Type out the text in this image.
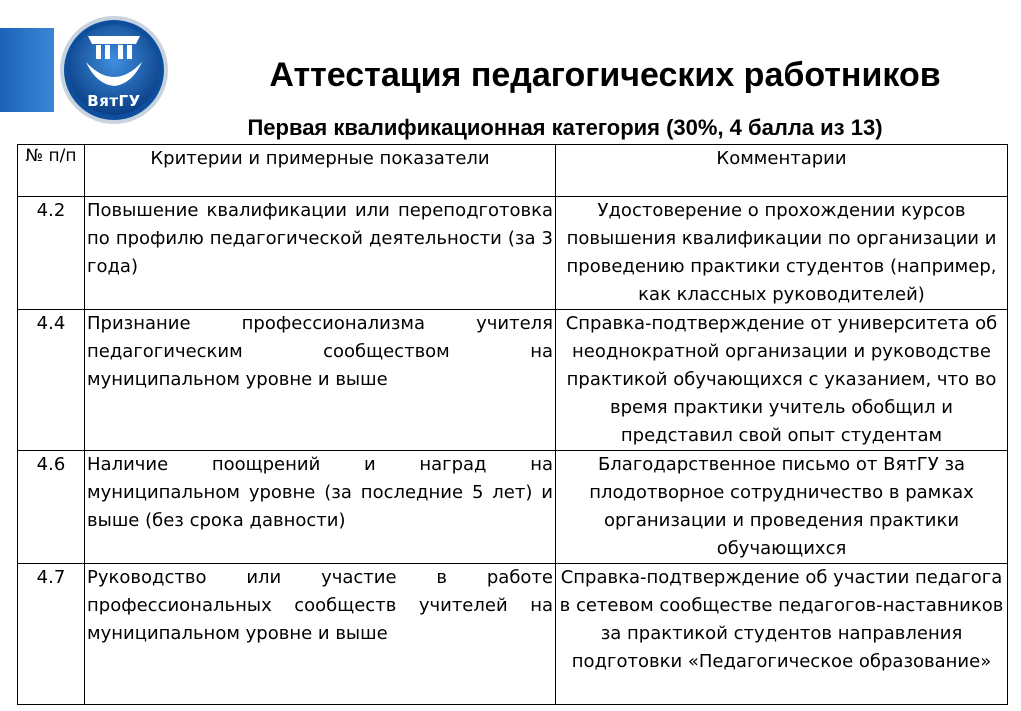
ВятГУ
Аттестация педагогических работников
Первая квалификационная категория (30%, 4 балла из 13)
№ п/п	Критерии и примерные показатели	Комментарии
4.2	Повышение квалификации или переподготовка по профилю педагогической деятельности (за 3 года)	Удостоверение о прохождении курсов повышения квалификации по организации и проведению практики студентов (например, как классных руководителей)
4.4	Признание профессионализма учителя педагогическим сообществом на муниципальном уровне и выше	Справка-подтверждение от университета об неоднократной организации и руководстве практикой обучающихся с указанием, что во время практики учитель обобщил и представил свой опыт студентам
4.6	Наличие поощрений и наград на муниципальном уровне (за последние 5 лет) и выше (без срока давности)	Благодарственное письмо от ВятГУ за плодотворное сотрудничество в рамках организации и проведения практики обучающихся
4.7	Руководство или участие в работе профессиональных сообществ учителей на муниципальном уровне и выше	Справка-подтверждение об участии педагога в сетевом сообществе педагогов-наставников за практикой студентов направления подготовки «Педагогическое образование»
